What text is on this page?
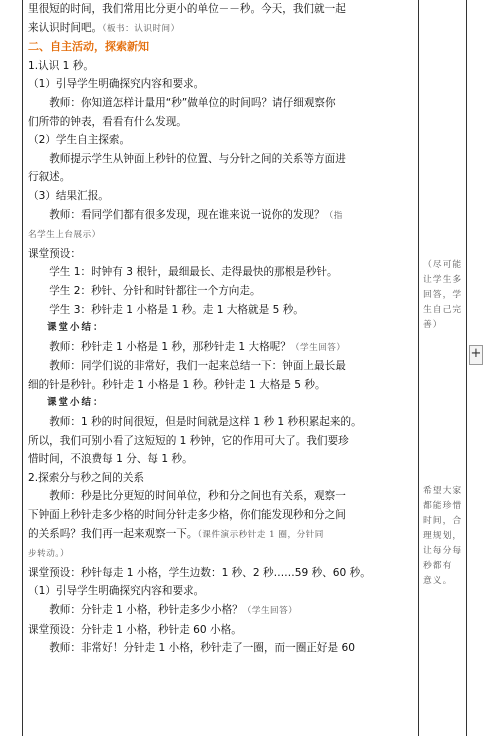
里很短的时间，我们常用比分更小的单位－－秒。今天，我们就一起

来认识时间吧。（板书：认识时间）

二、自主活动，探索新知

1.认识 1 秒。

（1）引导学生明确探究内容和要求。

教师：你知道怎样计量用“秒”做单位的时间吗？请仔细观察你

们所带的钟表，看看有什么发现。

（2）学生自主探索。

教师提示学生从钟面上秒针的位置、与分针之间的关系等方面进

行叙述。

（3）结果汇报。

教师：看同学们都有很多发现，现在谁来说一说你的发现？（指

名学生上台展示）

课堂预设：

学生 1：时钟有 3 根针，最细最长、走得最快的那根是秒针。

学生 2：秒针、分针和时针都往一个方向走。

学生 3：秒针走 1 小格是 1 秒。走 1 大格就是 5 秒。

课堂小结：

教师：秒针走 1 小格是 1 秒，那秒针走 1 大格呢？（学生回答）

教师：同学们说的非常好，我们一起来总结一下：钟面上最长最

细的针是秒针。秒针走 1 小格是 1 秒。秒针走 1 大格是 5 秒。

课堂小结：

教师：1 秒的时间很短，但是时间就是这样 1 秒 1 秒积累起来的。

所以，我们可别小看了这短短的 1 秒钟，它的作用可大了。我们要珍

惜时间，不浪费每 1 分、每 1 秒。

2.探索分与秒之间的关系

教师：秒是比分更短的时间单位，秒和分之间也有关系，观察一

下钟面上秒针走多少格的时间分针走多少格，你们能发现秒和分之间

的关系吗？我们再一起来观察一下。（课件演示秒针走 1 圈，分针同

步转动。）

课堂预设：秒针每走 1 小格，学生边数：1 秒、2 秒……59 秒、60 秒。

（1）引导学生明确探究内容和要求。

教师：分针走 1 小格，秒针走多少小格？（学生回答）

课堂预设：分针走 1 小格，秒针走 60 小格。

教师：非常好！分针走 1 小格，秒针走了一圈，而一圈正好是 60

（尽可能
让学生多
回答，学
生自己完
善）
希望大家
都能珍惜
时间，合
理规划，
让每分每
秒都有
意义。
+
